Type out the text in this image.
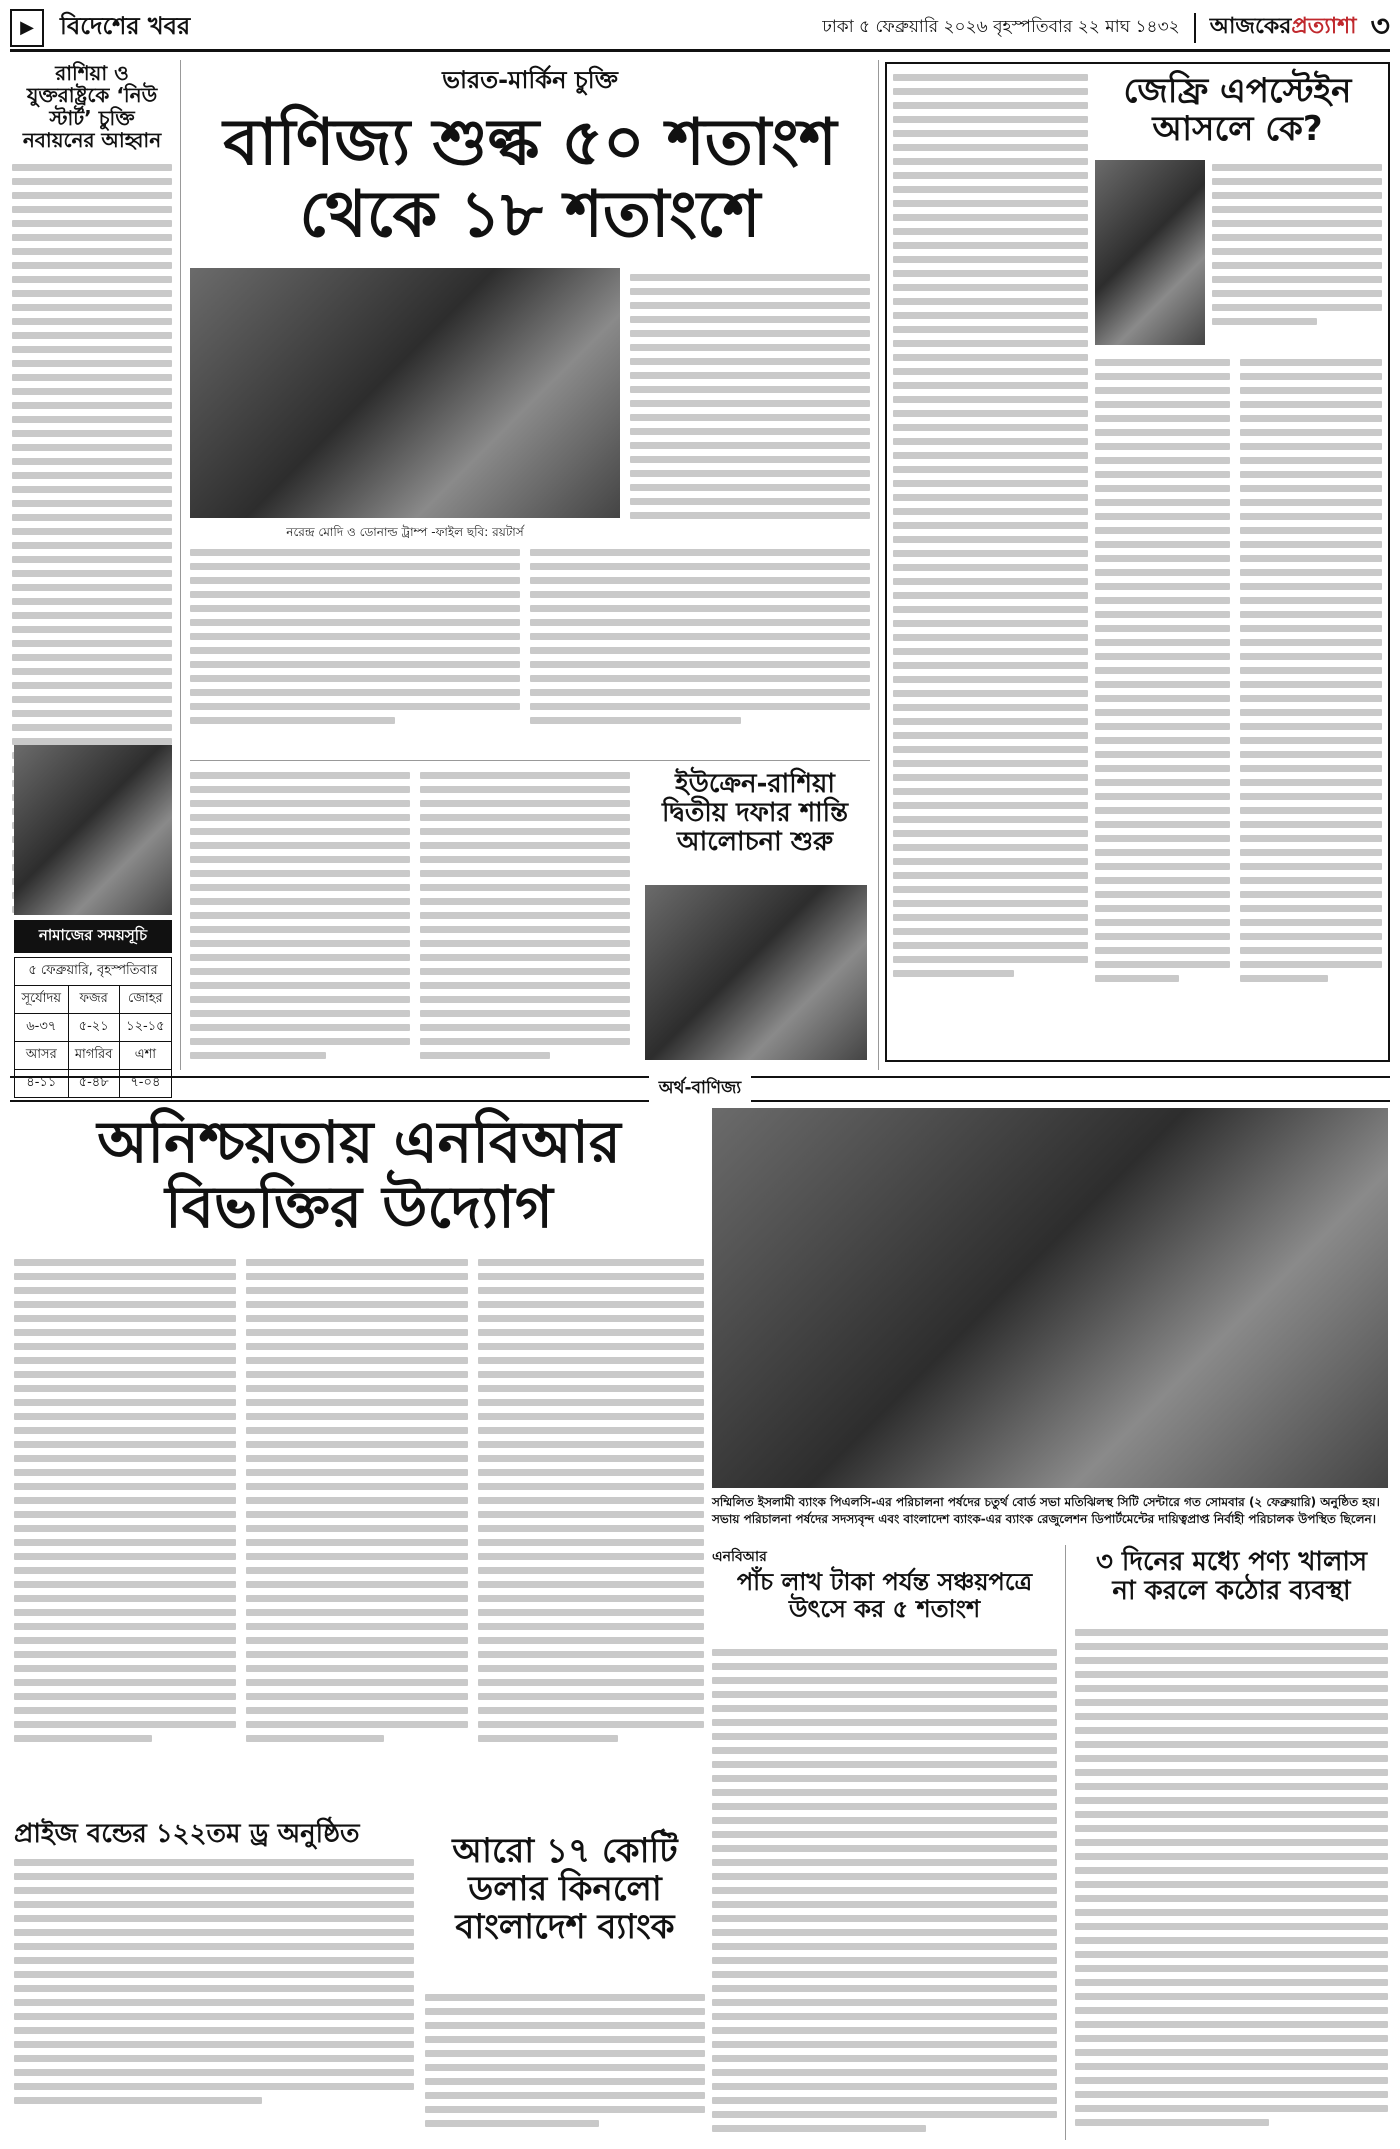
▶	বিদেশের খবর	ঢাকা ৫ ফেব্রুয়ারি ২০২৬ বৃহস্পতিবার ২২ মাঘ ১৪৩২ আজকেরপ্রত্যাশা ৩
রাশিয়া ও যুক্তরাষ্ট্রকে ‘নিউ স্টার্ট’ চুক্তি নবায়নের আহ্বান
নামাজের সময়সূচি
৫ ফেব্রুয়ারি, বৃহস্পতিবার		
সূর্যোদয়	ফজর	জোহর
৬-৩৭	৫-২১	১২-১৫
আসর	মাগরিব	এশা
৪-১১	৫-৪৮	৭-০৪
ভারত-মার্কিন চুক্তি
বাণিজ্য শুল্ক ৫০ শতাংশ
থেকে ১৮ শতাংশে
নরেন্দ্র মোদি ও ডোনাল্ড ট্রাম্প -ফাইল ছবি: রয়টার্স
ইউক্রেন-রাশিয়া
দ্বিতীয় দফার শান্তি
আলোচনা শুরু
জেফ্রি এপস্টেইন
আসলে কে?
অর্থ-বাণিজ্য
অনিশ্চয়তায় এনবিআর
বিভক্তির উদ্যোগ
সম্মিলিত ইসলামী ব্যাংক পিএলসি-এর পরিচালনা পর্ষদের চতুর্থ বোর্ড সভা মতিঝিলস্থ সিটি সেন্টারে গত সোমবার (২ ফেব্রুয়ারি) অনুষ্ঠিত হয়। সভায় পরিচালনা পর্ষদের সদস্যবৃন্দ এবং বাংলাদেশ ব্যাংক-এর ব্যাংক রেজুলেশন ডিপার্টমেন্টের দায়িত্বপ্রাপ্ত নির্বাহী পরিচালক উপস্থিত ছিলেন।
প্রাইজ বন্ডের ১২২তম ড্র অনুষ্ঠিত	আরো ১৭ কোটি
ডলার কিনলো
বাংলাদেশ ব্যাংক
এনবিআর
পাঁচ লাখ টাকা পর্যন্ত সঞ্চয়পত্রে
উৎসে কর ৫ শতাংশ
৩ দিনের মধ্যে পণ্য খালাস
না করলে কঠোর ব্যবস্থা
